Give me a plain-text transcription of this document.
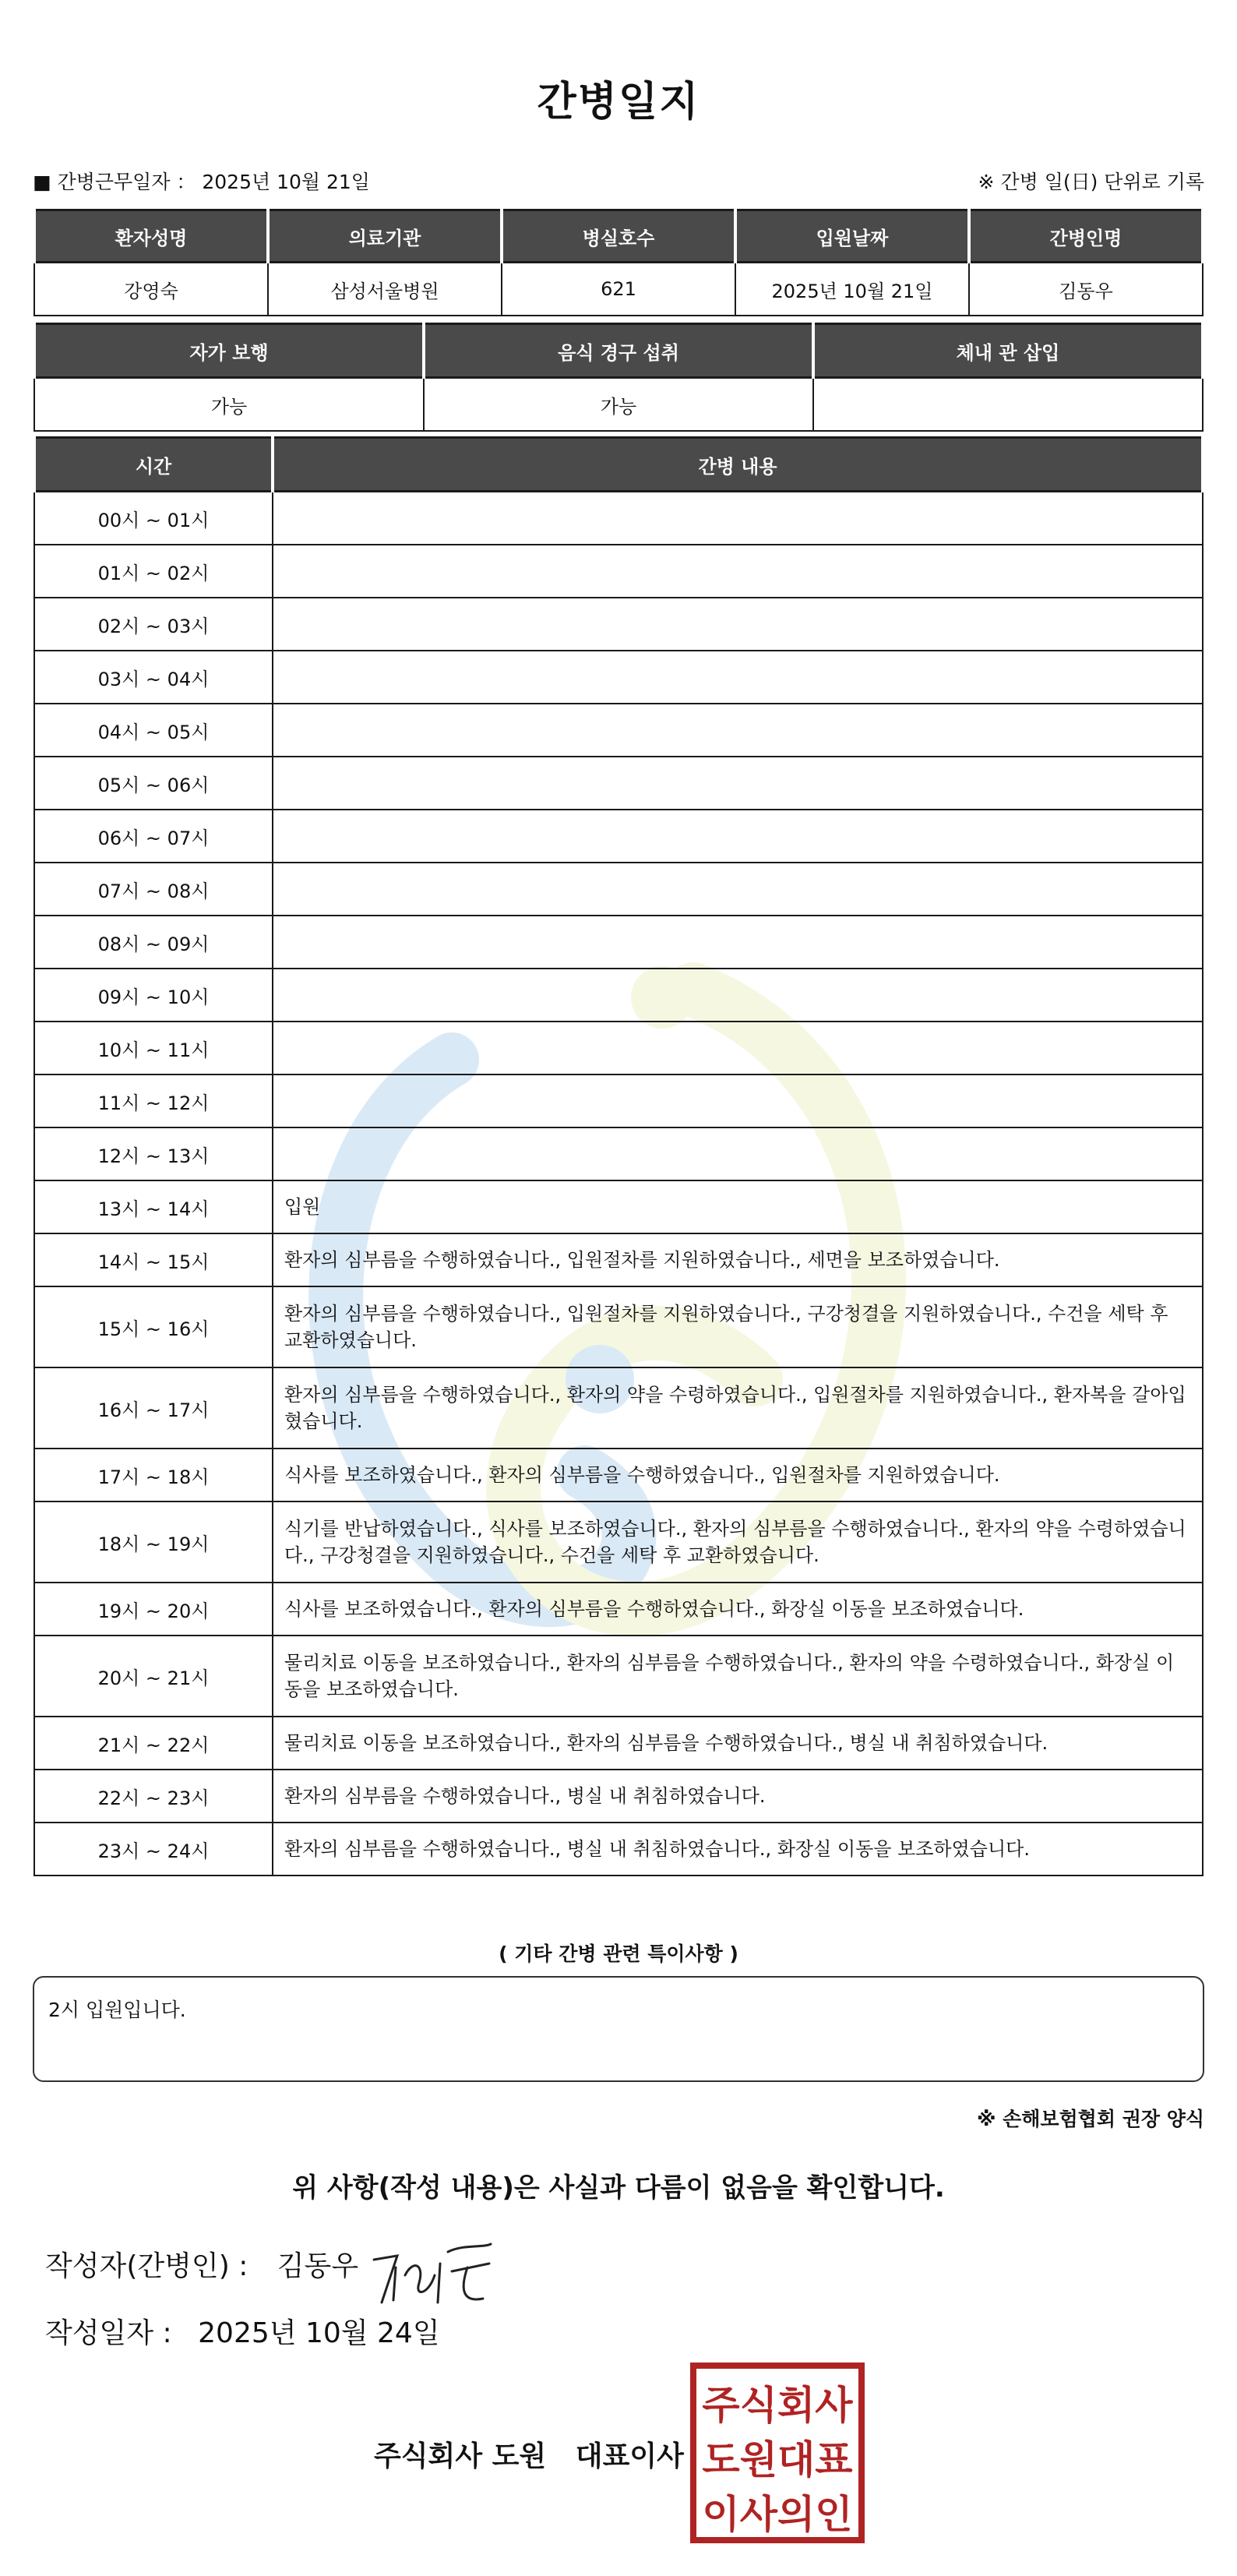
간병일지
■ 간병근무일자 ： 2025년 10월 21일	※ 간병 일(日) 단위로 기록
환자성명	의료기관	병실호수	입원날짜	간병인명
강영숙	삼성서울병원	621	2025년 10월 21일	김동우
자가 보행	음식 경구 섭취	체내 관 삽입
가능	가능	
시간	간병 내용
00시 ~ 01시	
01시 ~ 02시	
02시 ~ 03시	
03시 ~ 04시	
04시 ~ 05시	
05시 ~ 06시	
06시 ~ 07시	
07시 ~ 08시	
08시 ~ 09시	
09시 ~ 10시	
10시 ~ 11시	
11시 ~ 12시	
12시 ~ 13시	
13시 ~ 14시	입원
14시 ~ 15시	환자의 심부름을 수행하였습니다., 입원절차를 지원하였습니다., 세면을 보조하였습니다.
15시 ~ 16시	환자의 심부름을 수행하였습니다., 입원절차를 지원하였습니다., 구강청결을 지원하였습니다., 수건을 세탁 후 교환하였습니다.
16시 ~ 17시	환자의 심부름을 수행하였습니다., 환자의 약을 수령하였습니다., 입원절차를 지원하였습니다., 환자복을 갈아입혔습니다.
17시 ~ 18시	식사를 보조하였습니다., 환자의 심부름을 수행하였습니다., 입원절차를 지원하였습니다.
18시 ~ 19시	식기를 반납하였습니다., 식사를 보조하였습니다., 환자의 심부름을 수행하였습니다., 환자의 약을 수령하였습니다., 구강청결을 지원하였습니다., 수건을 세탁 후 교환하였습니다.
19시 ~ 20시	식사를 보조하였습니다., 환자의 심부름을 수행하였습니다., 화장실 이동을 보조하였습니다.
20시 ~ 21시	물리치료 이동을 보조하였습니다., 환자의 심부름을 수행하였습니다., 환자의 약을 수령하였습니다., 화장실 이동을 보조하였습니다.
21시 ~ 22시	물리치료 이동을 보조하였습니다., 환자의 심부름을 수행하였습니다., 병실 내 취침하였습니다.
22시 ~ 23시	환자의 심부름을 수행하였습니다., 병실 내 취침하였습니다.
23시 ~ 24시	환자의 심부름을 수행하였습니다., 병실 내 취침하였습니다., 화장실 이동을 보조하였습니다.
( 기타 간병 관련 특이사항 )
2시 입원입니다.
※ 손해보험협회 권장 양식
위 사항(작성 내용)은 사실과 다름이 없음을 확인합니다.
작성자(간병인) : 김동우
작성일자 : 2025년 10월 24일
주식회사 도원   대표이사
주식회사
도원대표
이사의인
